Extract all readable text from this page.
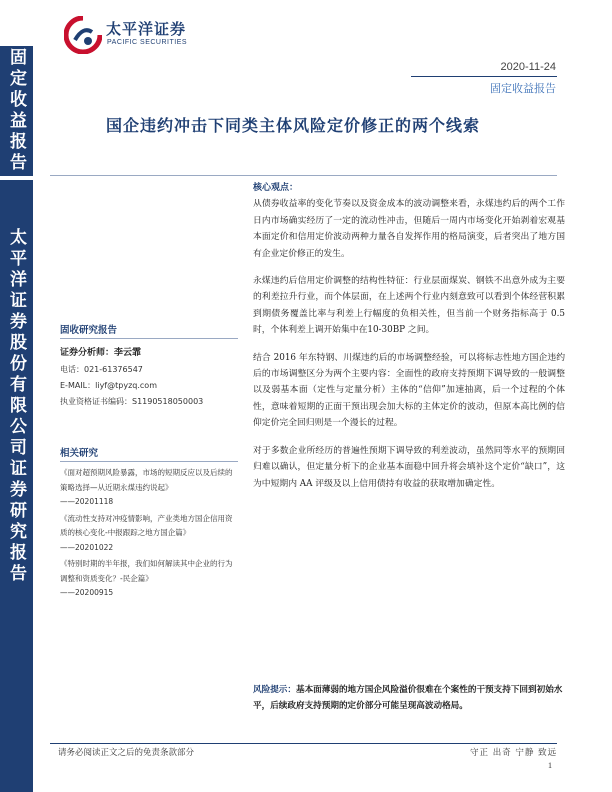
固定收益报告
太平洋证券股份有限公司证券研究报告
太平洋证券
PACIFIC SECURITIES
2020-11-24
固定收益报告
国企违约冲击下同类主体风险定价修正的两个线索
固收研究报告
证券分析师：李云霏
电话：021-61376547
E-MAIL：liyf@tpyzq.com
执业资格证书编码：S1190518050003
相关研究
《面对超预期风险暴露，市场的短期反应以及后续的策略选择—从近期永煤违约说起》
——20201118
《流动性支持对冲疫情影响，产业类地方国企信用资质的核心变化-中报跟踪之地方国企篇》
——20201022
《特别时期的半年报，我们如何解读其中企业的行为调整和资质变化？-民企篇》
——20200915
核心观点：

从债券收益率的变化节奏以及资金成本的波动调整来看，永煤违约后的两个工作日内市场确实经历了一定的流动性冲击，但随后一周内市场变化开始剥着宏观基本面定价和信用定价波动两种力量各自发挥作用的格局演变，后者突出了地方国有企业定价修正的发生。

永煤违约后信用定价调整的结构性特征：行业层面煤炭、钢铁不出意外成为主要的利差拉升行业，而个体层面，在上述两个行业内刻意致可以看到个体经营积累到期债务覆盖比率与利差上行幅度的负相关性，但当前一个财务指标高于 0.5 时，个体利差上调开始集中在10-30BP 之间。

结合 2016 年东特钢、川煤违约后的市场调整经验，可以将标志性地方国企违约后的市场调整区分为两个主要内容：全面性的政府支持预期下调导致的一般调整以及弱基本面（定性与定量分析）主体的“信仰”加速抽离，后一个过程的个体性，意味着短期的正面干预出现会加大标的主体定价的波动，但原本高比例的信仰定价完全回归则是一个漫长的过程。

对于多数企业所经历的普遍性预期下调导致的利差波动，虽然同等水平的预期回归难以确认，但定量分析下的企业基本面稳中回升将会填补这个定价“缺口”，这为中短期内 AA 评级及以上信用债持有收益的获取增加确定性。

风险提示：基本面薄弱的地方国企风险溢价很难在个案性的干预支持下回到初始水平，后续政府支持预期的定价部分可能呈现高波动格局。
请务必阅读正文之后的免责条款部分	守正 出奇 宁静 致远
1
